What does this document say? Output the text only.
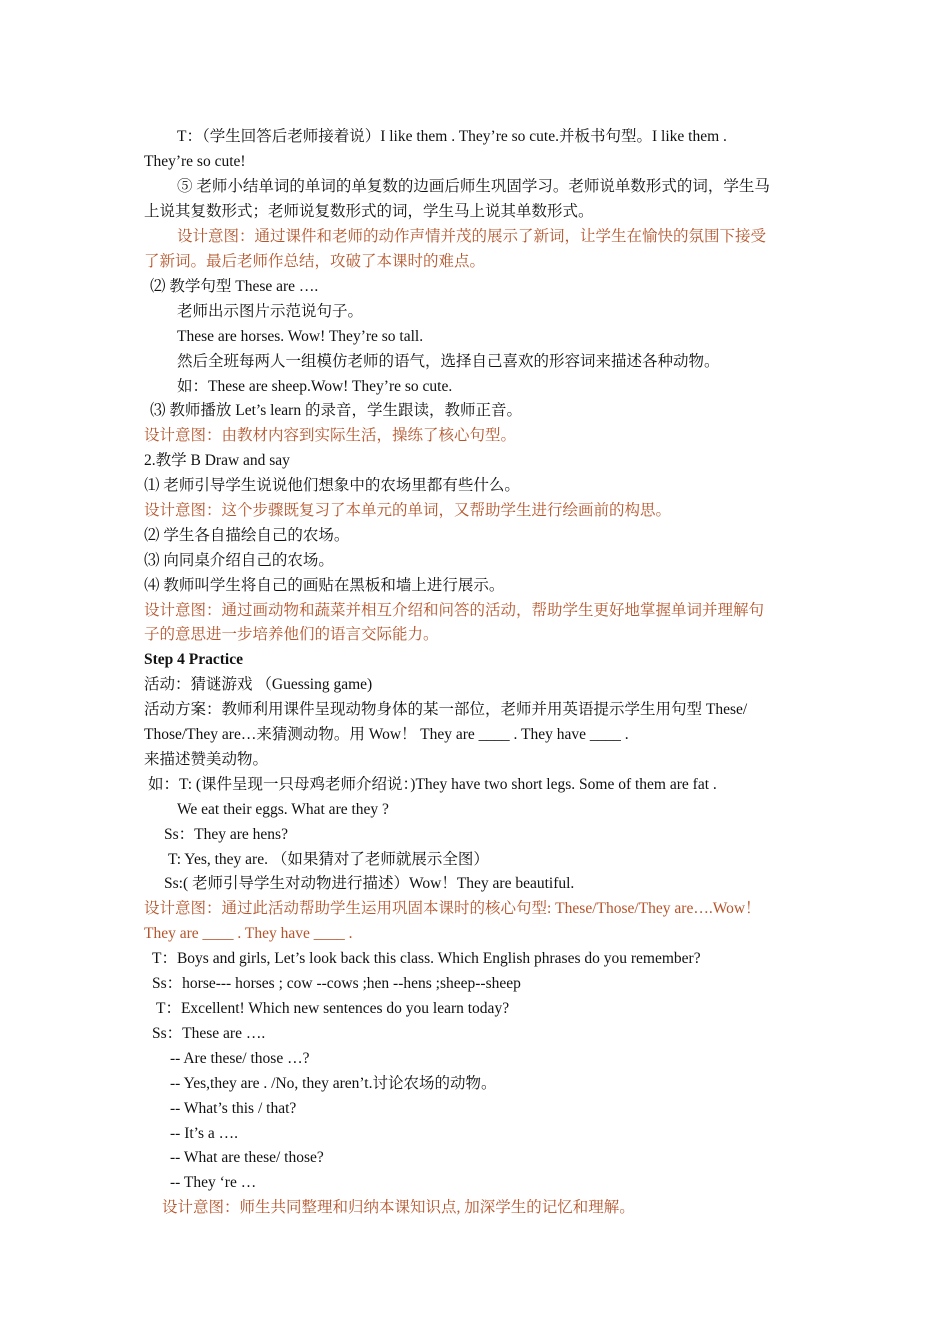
T：（学生回答后老师接着说）I like them . They’re so cute.并板书句型。I like them .
They’re so cute!
⑤ 老师小结单词的单词的单复数的边画后师生巩固学习。老师说单数形式的词，学生马
上说其复数形式；老师说复数形式的词，学生马上说其单数形式。
设计意图：通过课件和老师的动作声情并茂的展示了新词，让学生在愉快的氛围下接受
了新词。最后老师作总结，攻破了本课时的难点。
⑵ 教学句型 These are ….
老师出示图片示范说句子。
These are horses. Wow! They’re so tall.
然后全班每两人一组模仿老师的语气，选择自己喜欢的形容词来描述各种动物。
如：These are sheep.Wow! They’re so cute.
⑶ 教师播放 Let’s learn 的录音，学生跟读，教师正音。
设计意图：由教材内容到实际生活，操练了核心句型。
2.教学 B Draw and say
⑴ 老师引导学生说说他们想象中的农场里都有些什么。
设计意图：这个步骤既复习了本单元的单词，又帮助学生进行绘画前的构思。
⑵ 学生各自描绘自己的农场。
⑶ 向同桌介绍自己的农场。
⑷ 教师叫学生将自己的画贴在黑板和墙上进行展示。
设计意图：通过画动物和蔬菜并相互介绍和问答的活动，帮助学生更好地掌握单词并理解句
子的意思进一步培养他们的语言交际能力。
Step 4 Practice
活动：猜谜游戏 （Guessing game)
活动方案：教师利用课件呈现动物身体的某一部位，老师并用英语提示学生用句型 These/
Those/They are…来猜测动物。用 Wow！ They are ____ . They have ____ .
来描述赞美动物。
如：T: (课件呈现一只母鸡老师介绍说：)They have two short legs. Some of them are fat .
We eat their eggs. What are they ?
Ss：They are hens?
T: Yes, they are. （如果猜对了老师就展示全图）
Ss:( 老师引导学生对动物进行描述）Wow！They are beautiful.
设计意图：通过此活动帮助学生运用巩固本课时的核心句型: These/Those/They are….Wow！
They are ____ . They have ____ .
T：Boys and girls, Let’s look back this class. Which English phrases do you remember?
Ss：horse--- horses ; cow --cows ;hen --hens ;sheep--sheep
T：Excellent! Which new sentences do you learn today?
Ss：These are ….
-- Are these/ those …?
-- Yes,they are . /No, they aren’t.讨论农场的动物。
-- What’s this / that?
-- It’s a ….
-- What are these/ those?
-- They ‘re …
设计意图：师生共同整理和归纳本课知识点, 加深学生的记忆和理解。
